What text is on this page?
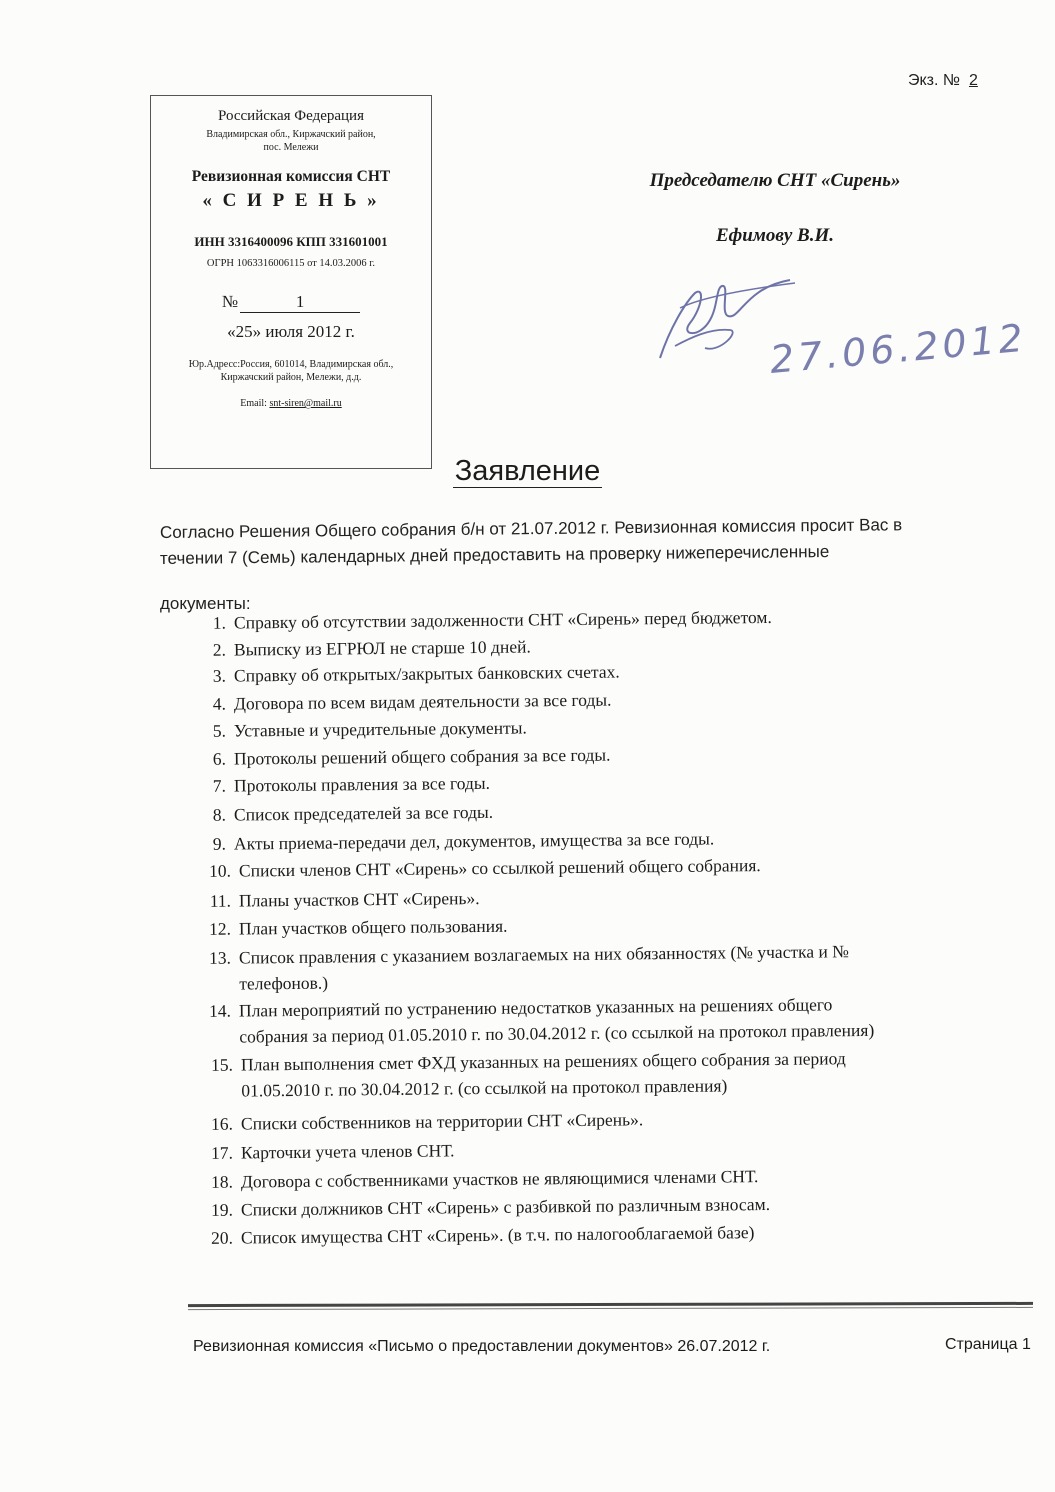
Экз. № 2
Российская Федерация
Владимирская обл., Киржачский район,
пос. Мележи
Ревизионная комиссия СНТ
« С И Р Е Н Ь »
ИНН 3316400096 КПП 331601001
ОГРН 1063316006115 от 14.03.2006 г.
№	1
«25» июля 2012 г.
Юр.Адресс:Россия, 601014, Владимирская обл.,
Киржачский район, Мележи, д.д.
Email: snt-siren@mail.ru
Председателю СНТ «Сирень»
Ефимову В.И.
27.06.2012
Заявление
Согласно Решения Общего собрания б/н от 21.07.2012 г. Ревизионная комиссия просит Вас в
течении 7 (Семь) календарных дней предоставить на проверку нижеперечисленные
документы:
1. Справку об отсутствии задолженности СНТ «Сирень» перед бюджетом.
2. Выписку из ЕГРЮЛ не старше 10 дней.
3. Справку об открытых/закрытых банковских счетах.
4. Договора по всем видам деятельности за все годы.
5. Уставные и учредительные документы.
6. Протоколы решений общего собрания за все годы.
7. Протоколы правления за все годы.
8. Список председателей за все годы.
9. Акты приема-передачи дел, документов, имущества за все годы.
10. Списки членов СНТ «Сирень» со ссылкой решений общего собрания.
11. Планы участков СНТ «Сирень».
12. План участков общего пользования.
13. Список правления с указанием возлагаемых на них обязанностях (№ участка и №
телефонов.)
14. План мероприятий по устранению недостатков указанных на решениях общего
собрания за период 01.05.2010 г. по 30.04.2012 г. (со ссылкой на протокол правления)
15. План выполнения смет ФХД указанных на решениях общего собрания за период
01.05.2010 г. по 30.04.2012 г. (со ссылкой на протокол правления)
16. Списки собственников на территории СНТ «Сирень».
17. Карточки учета членов СНТ.
18. Договора с собственниками участков не являющимися членами СНТ.
19. Списки должников СНТ «Сирень» с разбивкой по различным взносам.
20. Список имущества СНТ «Сирень». (в т.ч. по налогооблагаемой базе)
Ревизионная комиссия «Письмо о предоставлении документов» 26.07.2012 г.	Страница 1
